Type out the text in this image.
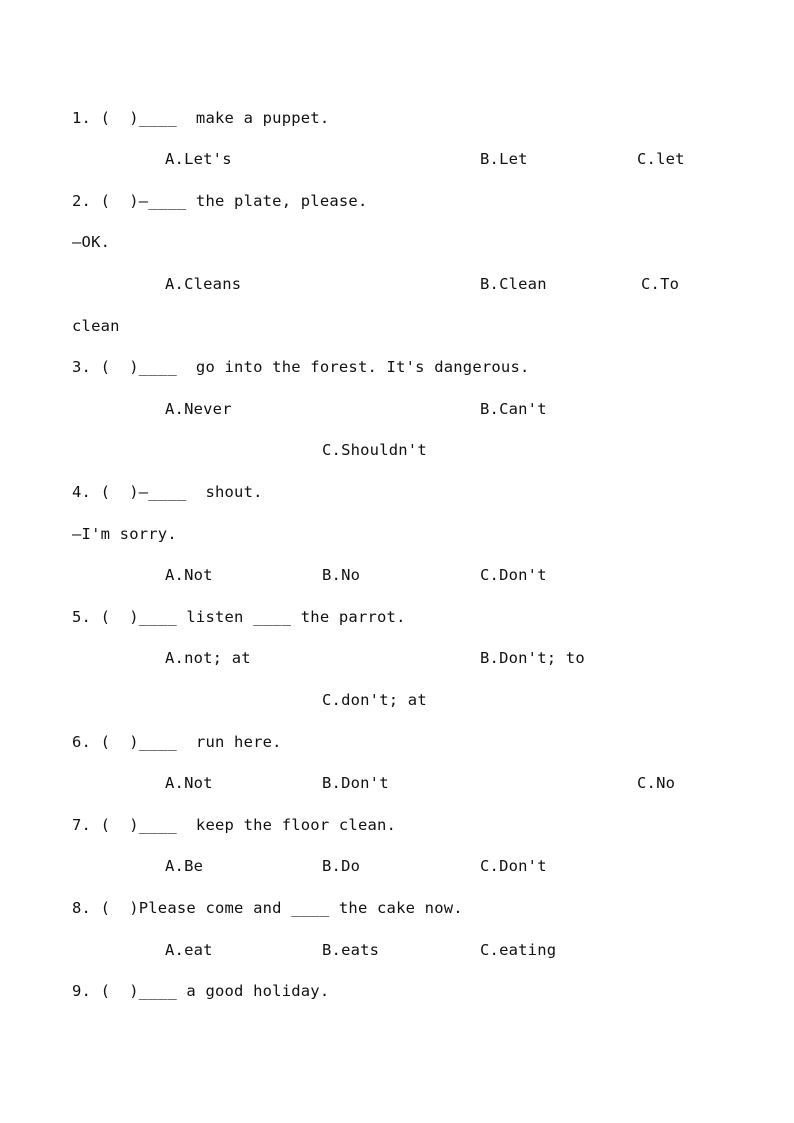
1. (  )____  make a puppet.
A.Let's	B.Let	C.let
2. (  )—____ the plate, please.
—OK.
A.Cleans	B.Clean	C.To
clean
3. (  )____  go into the forest. It's dangerous.
A.Never	B.Can't
C.Shouldn't
4. (  )—____  shout.
—I'm sorry.
A.Not	B.No	C.Don't
5. (  )____ listen ____ the parrot.
A.not; at	B.Don't; to
C.don't; at
6. (  )____  run here.
A.Not	B.Don't	C.No
7. (  )____  keep the floor clean.
A.Be	B.Do	C.Don't
8. (  )Please come and ____ the cake now.
A.eat	B.eats	C.eating
9. (  )____ a good holiday.
